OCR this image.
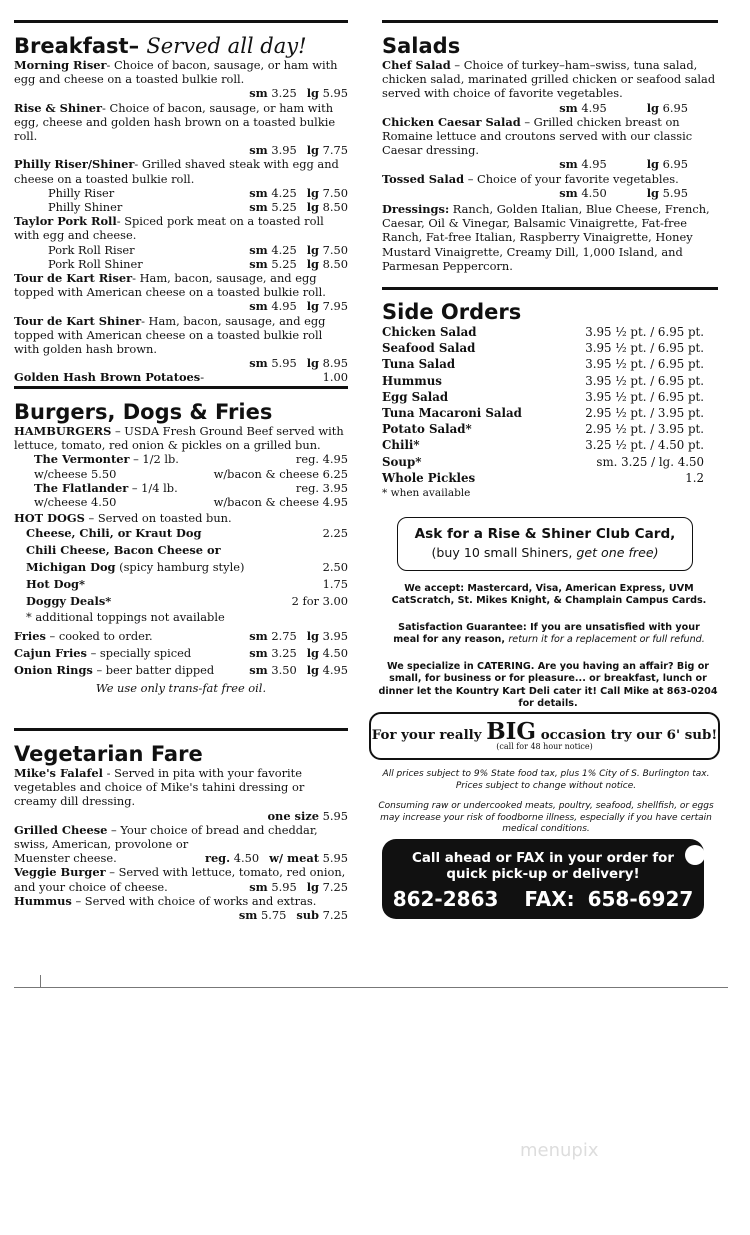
Breakfast– Served all day!
Morning Riser- Choice of bacon, sausage, or ham with egg and cheese on a toasted bulkie roll.
sm 3.25 lg 5.95
Rise & Shiner- Choice of bacon, sausage, or ham with egg, cheese and golden hash brown on a toasted bulkie roll.
sm 3.95 lg 7.75
Philly Riser/Shiner- Grilled shaved steak with egg and cheese on a toasted bulkie roll.
Philly Riser	sm 4.25 lg 7.50
Philly Shiner	sm 5.25 lg 8.50
Taylor Pork Roll- Spiced pork meat on a toasted roll with egg and cheese.
Pork Roll Riser	sm 4.25 lg 7.50
Pork Roll Shiner	sm 5.25 lg 8.50
Tour de Kart Riser- Ham, bacon, sausage, and egg topped with American cheese on a toasted bulkie roll.
sm 4.95 lg 7.95
Tour de Kart Shiner- Ham, bacon, sausage, and egg topped with American cheese on a toasted bulkie roll with golden hash brown.
sm 5.95 lg 8.95
Golden Hash Brown Potatoes-	1.00
Burgers, Dogs & Fries
HAMBURGERS – USDA Fresh Ground Beef served with lettuce, tomato, red onion & pickles on a grilled bun.
The Vermonter – 1/2 lb.	reg. 4.95
w/cheese 5.50	w/bacon & cheese 6.25
The Flatlander – 1/4 lb.	reg. 3.95
w/cheese 4.50	w/bacon & cheese 4.95
HOT DOGS – Served on toasted bun.
Cheese, Chili, or Kraut Dog	2.25
Chili Cheese, Bacon Cheese or
Michigan Dog (spicy hamburg style)	2.50
Hot Dog*	1.75
Doggy Deals*	2 for 3.00
* additional toppings not available
Fries – cooked to order.	sm 2.75 lg 3.95
Cajun Fries – specially spiced	sm 3.25 lg 4.50
Onion Rings – beer batter dipped	sm 3.50 lg 4.95
We use only trans-fat free oil.
Vegetarian Fare
Mike's Falafel - Served in pita with your favorite vegetables and choice of Mike's tahini dressing or creamy dill dressing.
one size 5.95
Grilled Cheese – Your choice of bread and cheddar, swiss, American, provolone or
Muenster cheese.	reg. 4.50 w/ meat 5.95
Veggie Burger – Served with lettuce, tomato, red onion, and your choice of cheese.	sm 5.95 lg 7.25
Hummus – Served with choice of works and extras.
sm 5.75 sub 7.25
Salads
Chef Salad – Choice of turkey–ham–swiss, tuna salad, chicken salad, marinated grilled chicken or seafood salad served with choice of favorite vegetables.
sm 4.95	lg 6.95
Chicken Caesar Salad – Grilled chicken breast on Romaine lettuce and croutons served with our classic Caesar dressing.
sm 4.95	lg 6.95
Tossed Salad – Choice of your favorite vegetables.
sm 4.50	lg 5.95
Dressings: Ranch, Golden Italian, Blue Cheese, French, Caesar, Oil & Vinegar, Balsamic Vinaigrette, Fat-free Ranch, Fat-free Italian, Raspberry Vinaigrette, Honey Mustard Vinaigrette, Creamy Dill, 1,000 Island, and Parmesan Peppercorn.
Side Orders
Chicken Salad	3.95 ½ pt. / 6.95 pt.
Seafood Salad	3.95 ½ pt. / 6.95 pt.
Tuna Salad	3.95 ½ pt. / 6.95 pt.
Hummus	3.95 ½ pt. / 6.95 pt.
Egg Salad	3.95 ½ pt. / 6.95 pt.
Tuna Macaroni Salad	2.95 ½ pt. / 3.95 pt.
Potato Salad*	2.95 ½ pt. / 3.95 pt.
Chili*	3.25 ½ pt. / 4.50 pt.
Soup*	sm. 3.25 / lg. 4.50
Whole Pickles	1.2
* when available
Ask for a Rise & Shiner Club Card,
(buy 10 small Shiners, get one free)
We accept: Mastercard, Visa, American Express, UVM CatScratch, St. Mikes Knight, & Champlain Campus Cards.
Satisfaction Guarantee: If you are unsatisfied with your meal for any reason, return it for a replacement or full refund.
We specialize in CATERING. Are you having an affair? Big or small, for business or for pleasure... or breakfast, lunch or dinner let the Kountry Kart Deli cater it! Call Mike at 863-0204 for details.
For your really BIG occasion try our 6' sub!
(call for 48 hour notice)
All prices subject to 9% State food tax, plus 1% City of S. Burlington tax. Prices subject to change without notice.
Consuming raw or undercooked meats, poultry, seafood, shellfish, or eggs may increase your risk of foodborne illness, especially if you have certain medical conditions.
Call ahead or FAX in your order for
quick pick-up or delivery!
862-2863 FAX: 658-6927
menupix
